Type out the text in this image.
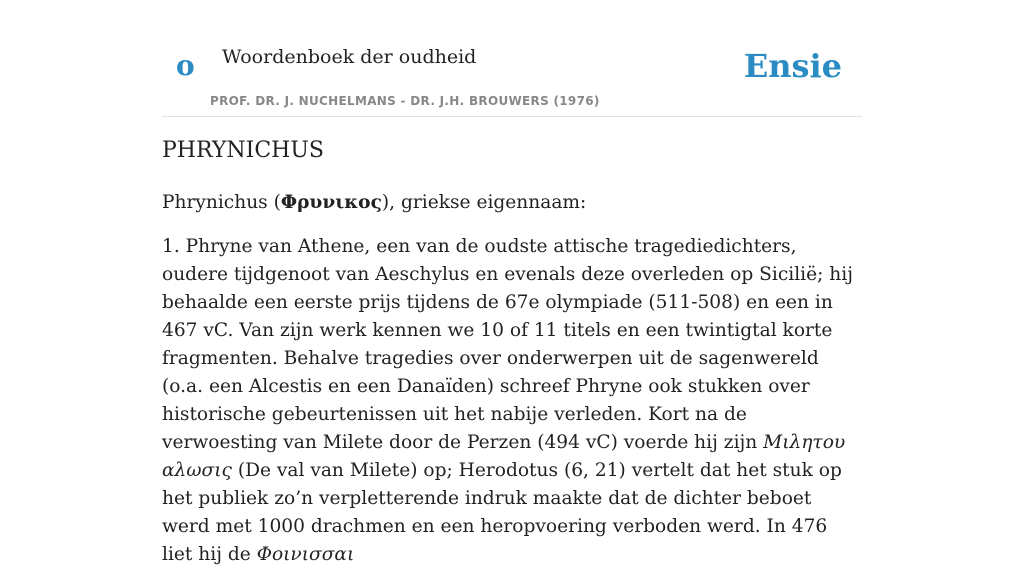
o Woordenboek der oudheid
PROF. DR. J. NUCHELMANS - DR. J.H. BROUWERS (1976)
Ensie
PHRYNICHUS

Phrynichus (Φρυνικος), griekse eigennaam:

1. Phryne van Athene, een van de oudste attische tragediedichters, oudere tijdgenoot van Aeschylus en evenals deze overleden op Sicilië; hij behaalde een eerste prijs tijdens de 67e olympiade (511-508) en een in 467 vC. Van zijn werk kennen we 10 of 11 titels en een twintigtal korte fragmenten. Behalve tragedies over onderwerpen uit de sagenwereld (o.a. een Alcestis en een Danaïden) schreef Phryne ook stukken over historische gebeurtenissen uit het nabije verleden. Kort na de verwoesting van Milete door de Perzen (494 vC) voerde hij zijn Μιλητου αλωσις (De val van Milete) op; Herodotus (6, 21) vertelt dat het stuk op het publiek zo’n verpletterende indruk maakte dat de dichter beboet werd met 1000 drachmen en een heropvoering verboden werd. In 476 liet hij de Φοινισσαι
